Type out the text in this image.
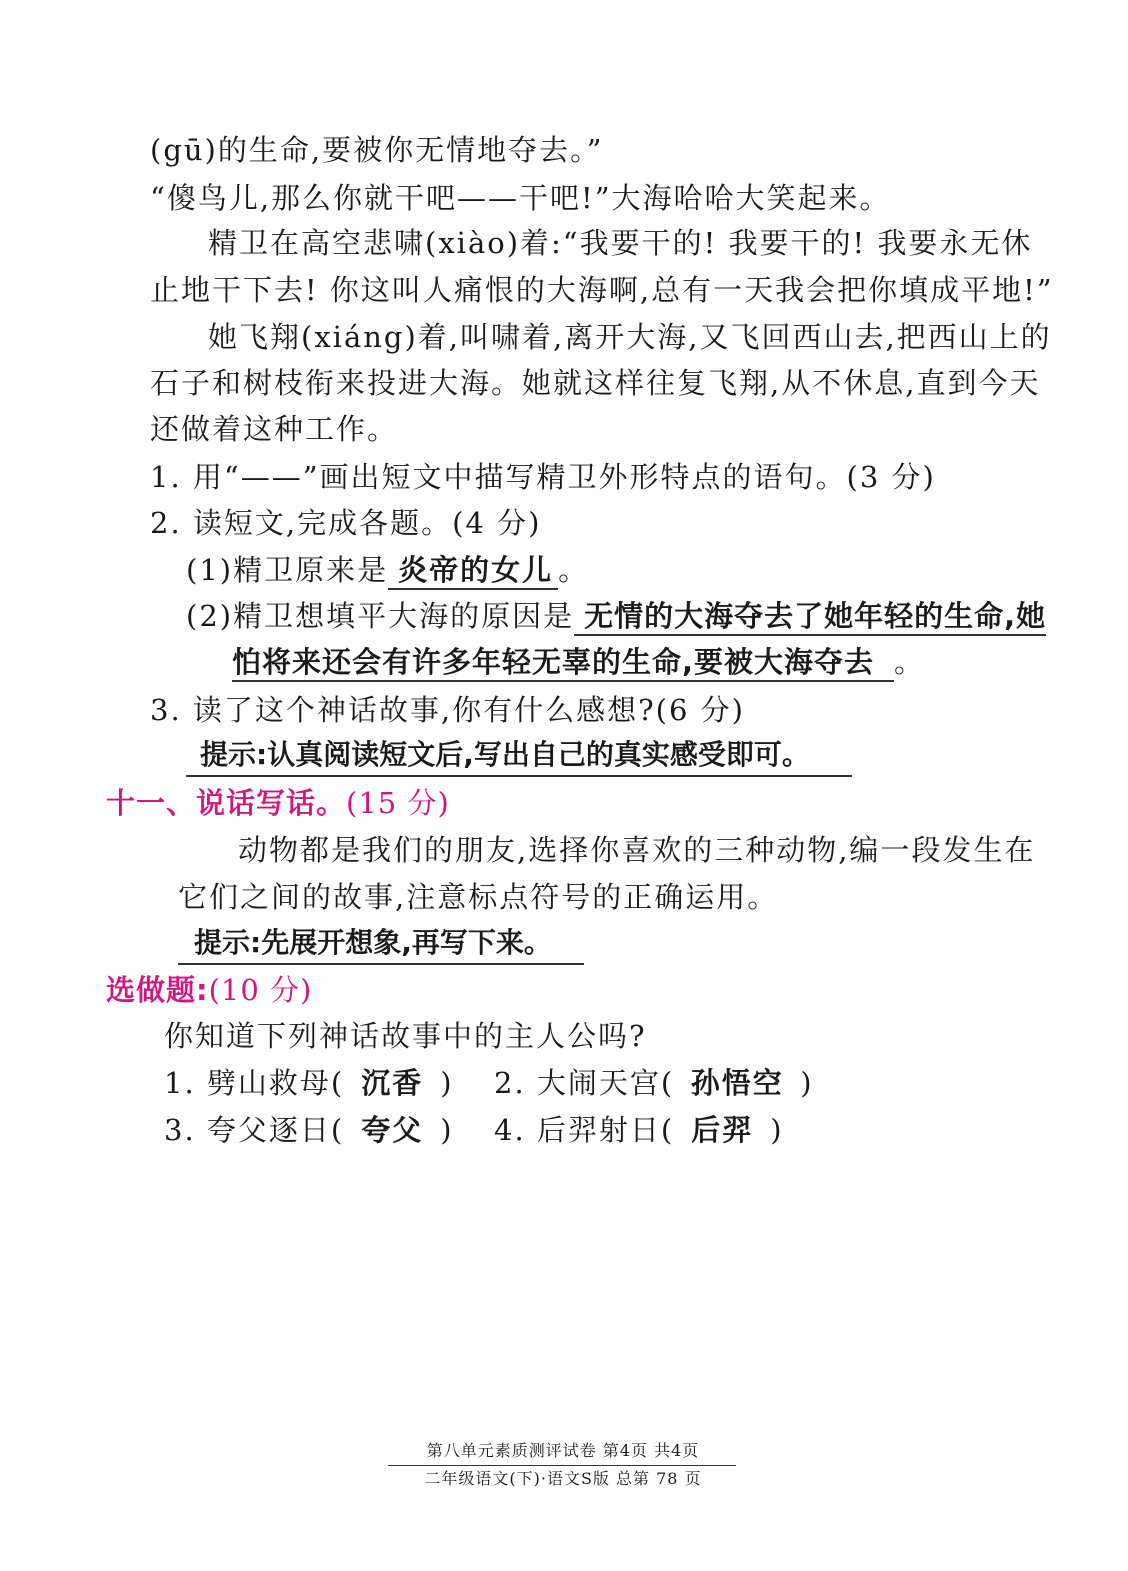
(gū)的生命,要被你无情地夺去。”
“傻鸟儿,那么你就干吧——干吧!”大海哈哈大笑起来。
精卫在高空悲啸(xiào)着:“我要干的! 我要干的! 我要永无休
止地干下去! 你这叫人痛恨的大海啊,总有一天我会把你填成平地!”
她飞翔(xiáng)着,叫啸着,离开大海,又飞回西山去,把西山上的
石子和树枝衔来投进大海。她就这样往复飞翔,从不休息,直到今天
还做着这种工作。
1. 用“——”画出短文中描写精卫外形特点的语句。(3 分)
2. 读短文,完成各题。(4 分)
(1)精卫原来是 炎帝的女儿 。
(2)精卫想填平大海的原因是 无情的大海夺去了她年轻的生命,她
怕将来还会有许多年轻无辜的生命,要被大海夺去 。
3. 读了这个神话故事,你有什么感想?(6 分)
提示:认真阅读短文后,写出自己的真实感受即可。
十一、说话写话。(15 分)
动物都是我们的朋友,选择你喜欢的三种动物,编一段发生在
它们之间的故事,注意标点符号的正确运用。
提示:先展开想象,再写下来。
选做题:(10 分)
你知道下列神话故事中的主人公吗?
1. 劈山救母( 沉香 ) 2. 大闹天宫( 孙悟空 )
3. 夸父逐日( 夸父 ) 4. 后羿射日( 后羿 )
第八单元素质测评试卷 第4页 共4页
二年级语文(下)·语文S版 总第 78 页
